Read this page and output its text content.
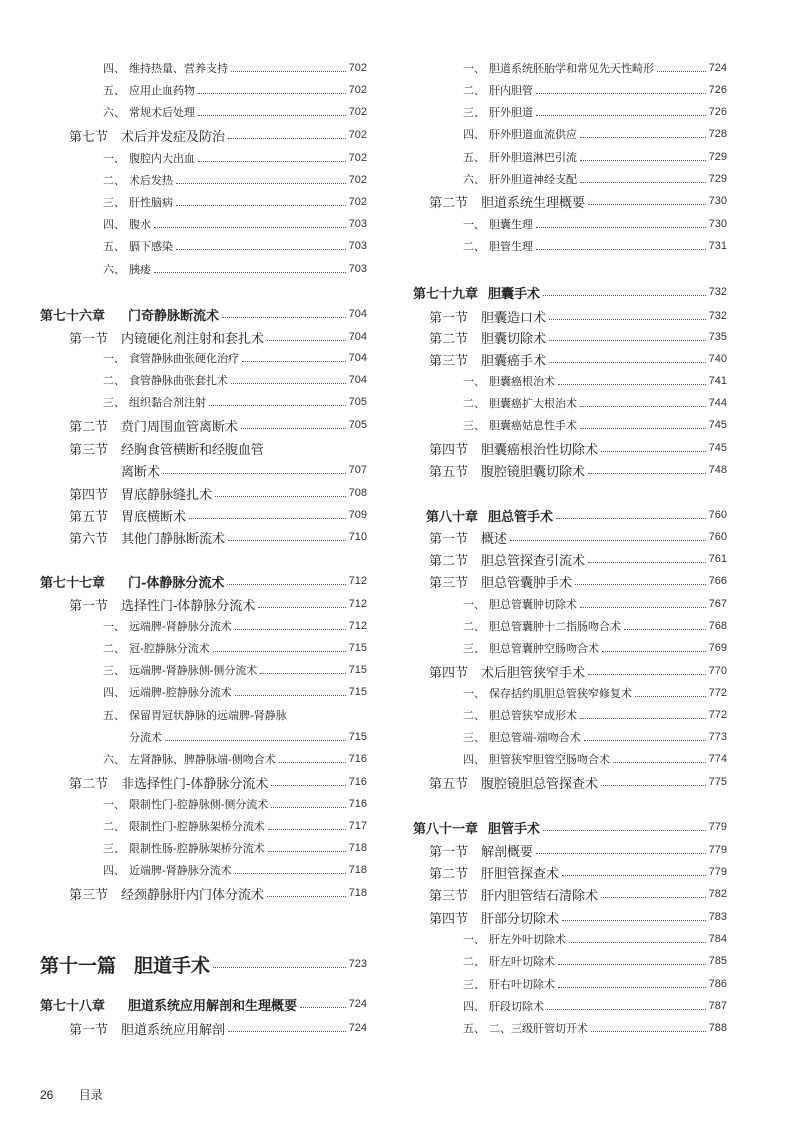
四、 维持热量、营养支持	702
五、 应用止血药物	702
六、 常规术后处理	702
第七节	术后并发症及防治	702
一、 腹腔内大出血	702
二、 术后发热	702
三、 肝性脑病	702
四、 腹水	703
五、 膈下感染	703
六、 胰瘘	703
第七十六章	门奇静脉断流术	704
第一节	内镜硬化剂注射和套扎术	704
一、 食管静脉曲张硬化治疗	704
二、 食管静脉曲张套扎术	704
三、 组织黏合剂注射	705
第二节	贲门周围血管离断术	705
第三节	经胸食管横断和经腹血管
离断术	707
第四节	胃底静脉缝扎术	708
第五节	胃底横断术	709
第六节	其他门静脉断流术	710
第七十七章	门-体静脉分流术	712
第一节	选择性门-体静脉分流术	712
一、 远端脾-肾静脉分流术	712
二、 冠-腔静脉分流术	715
三、 远端脾-肾静脉侧-侧分流术	715
四、 远端脾-腔静脉分流术	715
五、 保留胃冠状静脉的远端脾-肾静脉
分流术	715
六、 左肾静脉、脾静脉端-侧吻合术	716
第二节	非选择性门-体静脉分流术	716
一、 限制性门-腔静脉侧-侧分流术	716
二、 限制性门-腔静脉架桥分流术	717
三、 限制性肠-腔静脉架桥分流术	718
四、 近端脾-肾静脉分流术	718
第三节	经颈静脉肝内门体分流术	718
第十一篇 胆道手术	723
第七十八章	胆道系统应用解剖和生理概要	724
第一节	胆道系统应用解剖	724
一、 胆道系统胚胎学和常见先天性畸形	724
二、 肝内胆管	726
三、 肝外胆道	726
四、 肝外胆道血流供应	728
五、 肝外胆道淋巴引流	729
六、 肝外胆道神经支配	729
第二节	胆道系统生理概要	730
一、 胆囊生理	730
二、 胆管生理	731
第七十九章 胆囊手术	732
第一节	胆囊造口术	732
第二节	胆囊切除术	735
第三节	胆囊癌手术	740
一、 胆囊癌根治术	741
二、 胆囊癌扩大根治术	744
三、 胆囊癌姑息性手术	745
第四节	胆囊癌根治性切除术	745
第五节	腹腔镜胆囊切除术	748
第八十章 胆总管手术	760
第一节	概述	760
第二节	胆总管探查引流术	761
第三节	胆总管囊肿手术	766
一、 胆总管囊肿切除术	767
二、 胆总管囊肿十二指肠吻合术	768
三、 胆总管囊肿空肠吻合术	769
第四节	术后胆管狭窄手术	770
一、 保存括约肌胆总管狭窄修复术	772
二、 胆总管狭窄成形术	772
三、 胆总管端-端吻合术	773
四、 胆管狭窄胆管空肠吻合术	774
第五节	腹腔镜胆总管探查术	775
第八十一章 胆管手术	779
第一节	解剖概要	779
第二节	肝胆管探查术	779
第三节	肝内胆管结石清除术	782
第四节	肝部分切除术	783
一、 肝左外叶切除术	784
二、 肝左叶切除术	785
三、 肝右叶切除术	786
四、 肝段切除术	787
五、 二、三级肝管切开术	788
26 目录
